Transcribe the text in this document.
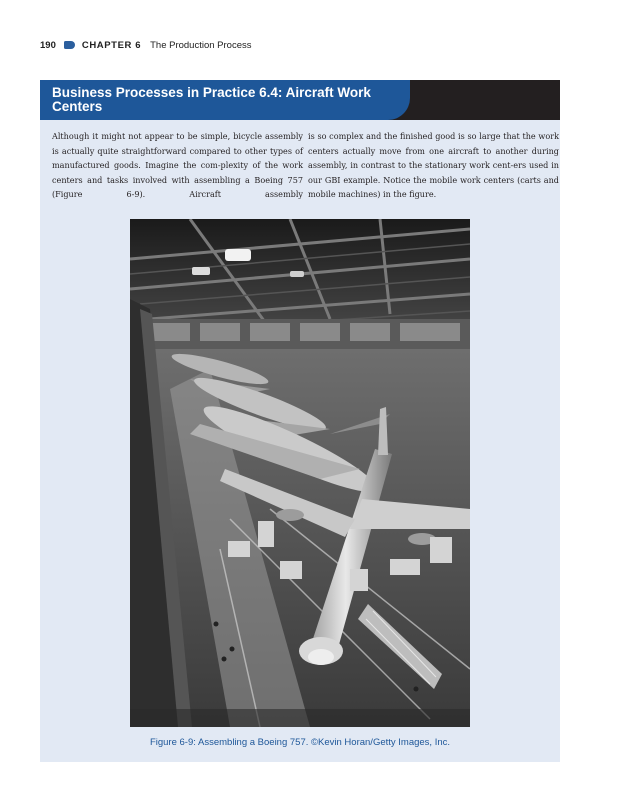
190	CHAPTER 6 The Production Process
Business Processes in Practice 6.4: Aircraft Work Centers

Although it might not appear to be simple, bicycle assembly is actually quite straightforward compared to other types of manufactured goods. Imagine the com-plexity of the work centers and tasks involved with assembling a Boeing 757 (Figure 6-9). Aircraft assembly

is so complex and the finished good is so large that the work centers actually move from one aircraft to another during assembly, in contrast to the stationary work cent-ers used in our GBI example. Notice the mobile work centers (carts and mobile machines) in the figure.

Figure 6-9: Assembling a Boeing 757. ©Kevin Horan/Getty Images, Inc.
